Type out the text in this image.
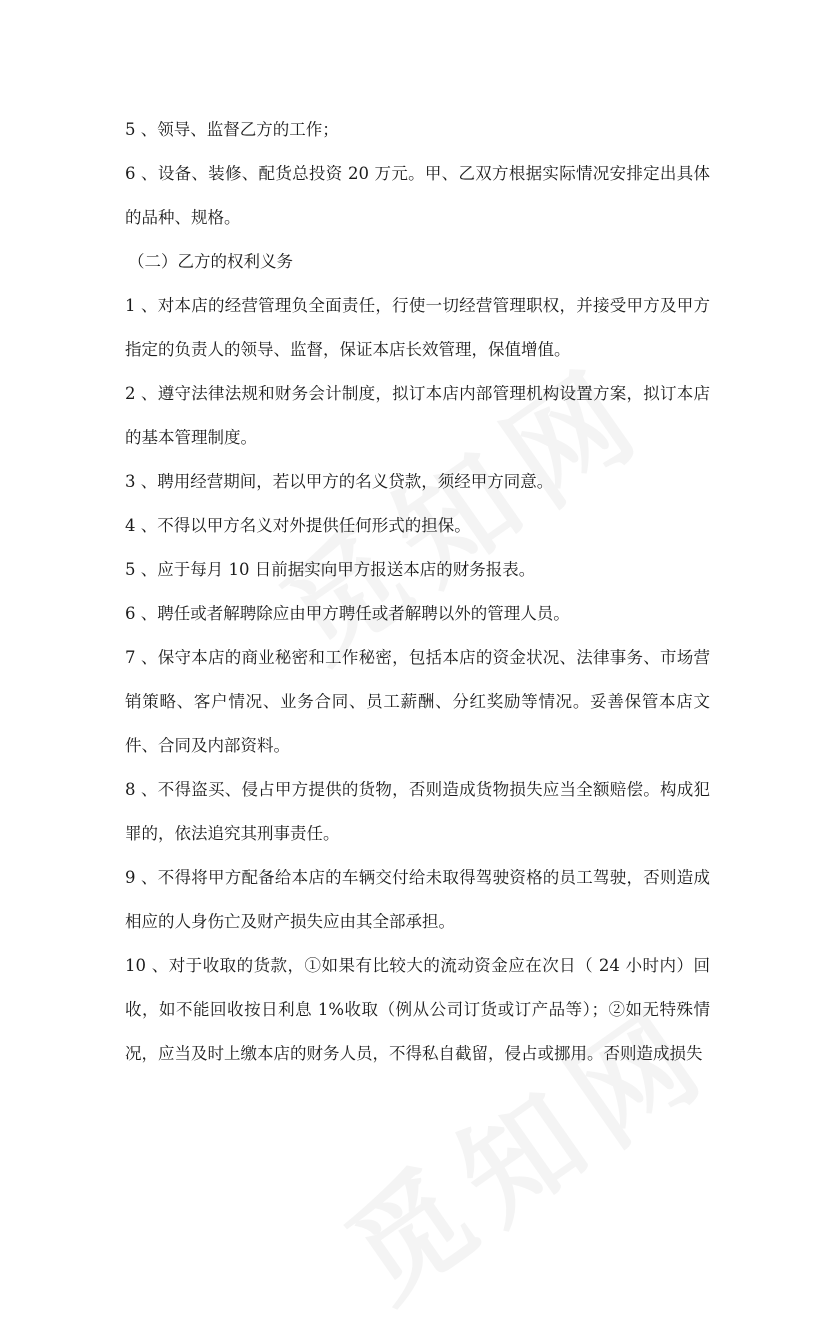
5 、领导、监督乙方的工作；

6 、设备、装修、配货总投资 20 万元。甲、乙双方根据实际情况安排定出具体的品种、规格。

（二）乙方的权利义务

1 、对本店的经营管理负全面责任，行使一切经营管理职权，并接受甲方及甲方指定的负责人的领导、监督，保证本店长效管理，保值增值。

2 、遵守法律法规和财务会计制度，拟订本店内部管理机构设置方案，拟订本店的基本管理制度。

3 、聘用经营期间，若以甲方的名义贷款，须经甲方同意。

4 、不得以甲方名义对外提供任何形式的担保。

5 、应于每月 10 日前据实向甲方报送本店的财务报表。

6 、聘任或者解聘除应由甲方聘任或者解聘以外的管理人员。

7 、保守本店的商业秘密和工作秘密，包括本店的资金状况、法律事务、市场营销策略、客户情况、业务合同、员工薪酬、分红奖励等情况。妥善保管本店文件、合同及内部资料。

8 、不得盗买、侵占甲方提供的货物，否则造成货物损失应当全额赔偿。构成犯罪的，依法追究其刑事责任。

9 、不得将甲方配备给本店的车辆交付给未取得驾驶资格的员工驾驶，否则造成相应的人身伤亡及财产损失应由其全部承担。

10 、对于收取的货款，①如果有比较大的流动资金应在次日（ 24 小时内）回收，如不能回收按日利息 1%收取（例从公司订货或订产品等）；②如无特殊情况，应当及时上缴本店的财务人员，不得私自截留，侵占或挪用。否则造成损失
